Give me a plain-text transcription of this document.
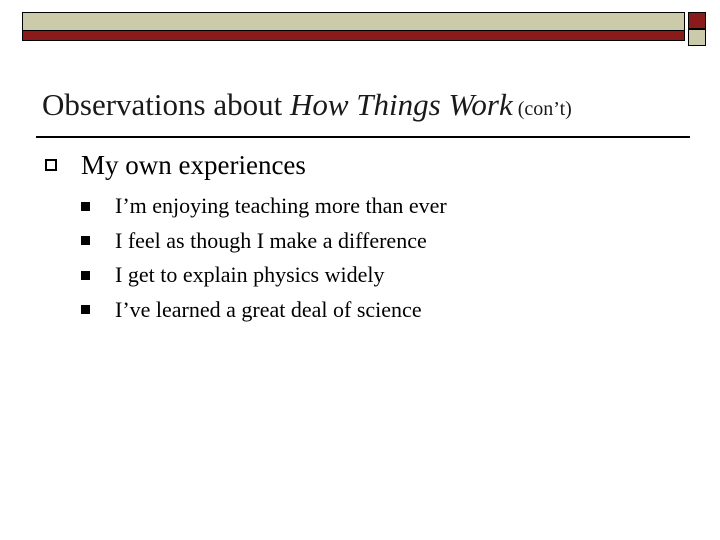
Observations about How Things Work (con’t)
My own experiences
I’m enjoying teaching more than ever
I feel as though I make a difference
I get to explain physics widely
I’ve learned a great deal of science
